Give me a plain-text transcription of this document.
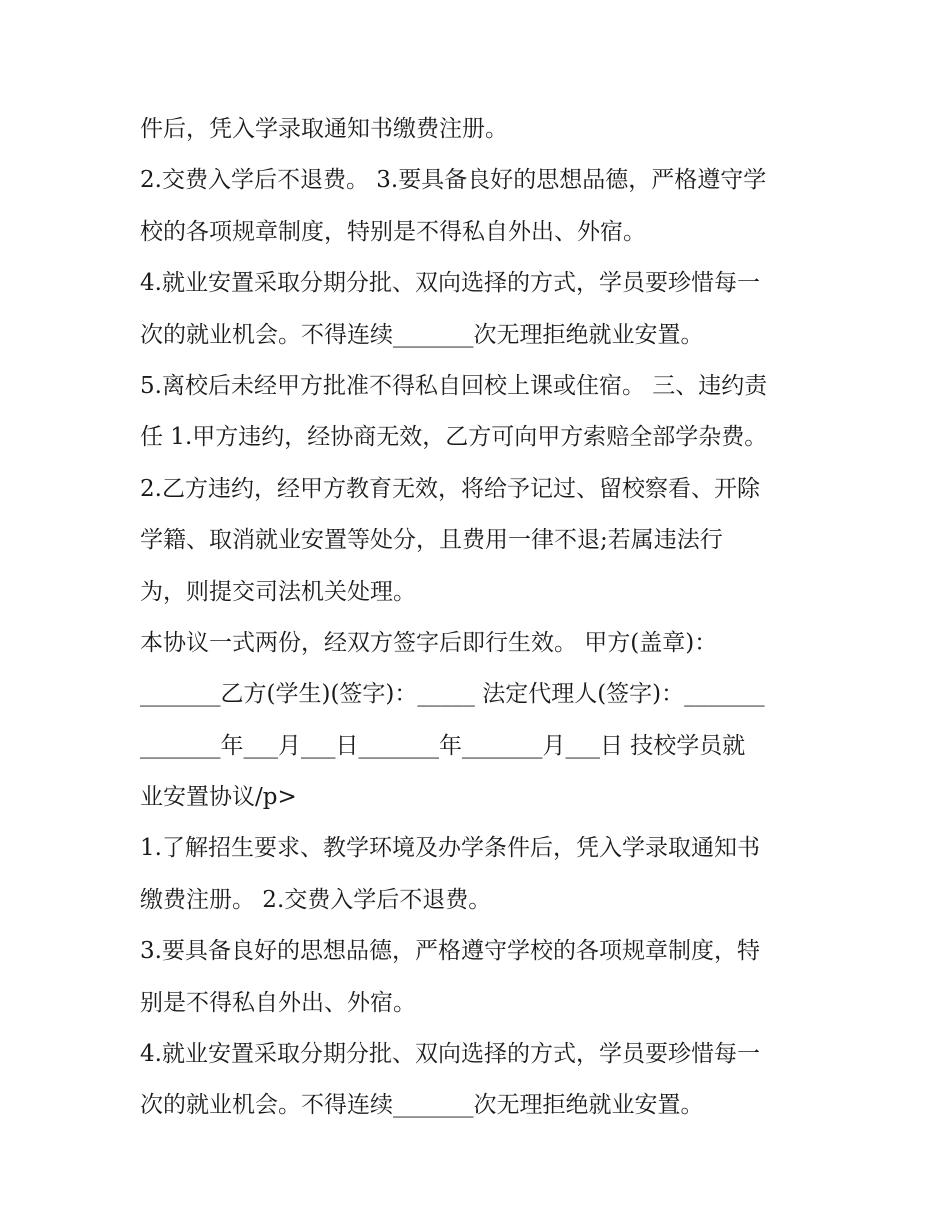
件后，凭入学录取通知书缴费注册。
2.交费入学后不退费。 3.要具备良好的思想品德，严格遵守学
校的各项规章制度，特别是不得私自外出、外宿。
4.就业安置采取分期分批、双向选择的方式，学员要珍惜每一
次的就业机会。不得连续_______次无理拒绝就业安置。
5.离校后未经甲方批准不得私自回校上课或住宿。 三、违约责
任 1.甲方违约，经协商无效，乙方可向甲方索赔全部学杂费。
2.乙方违约，经甲方教育无效，将给予记过、留校察看、开除
学籍、取消就业安置等处分，且费用一律不退;若属违法行
为，则提交司法机关处理。
本协议一式两份，经双方签字后即行生效。 甲方(盖章)：
_______乙方(学生)(签字)：_____ 法定代理人(签字)：_______
_______年___月___日_______年_______月___日 技校学员就
业安置协议/p>
1.了解招生要求、教学环境及办学条件后，凭入学录取通知书
缴费注册。 2.交费入学后不退费。
3.要具备良好的思想品德，严格遵守学校的各项规章制度，特
别是不得私自外出、外宿。
4.就业安置采取分期分批、双向选择的方式，学员要珍惜每一
次的就业机会。不得连续_______次无理拒绝就业安置。
